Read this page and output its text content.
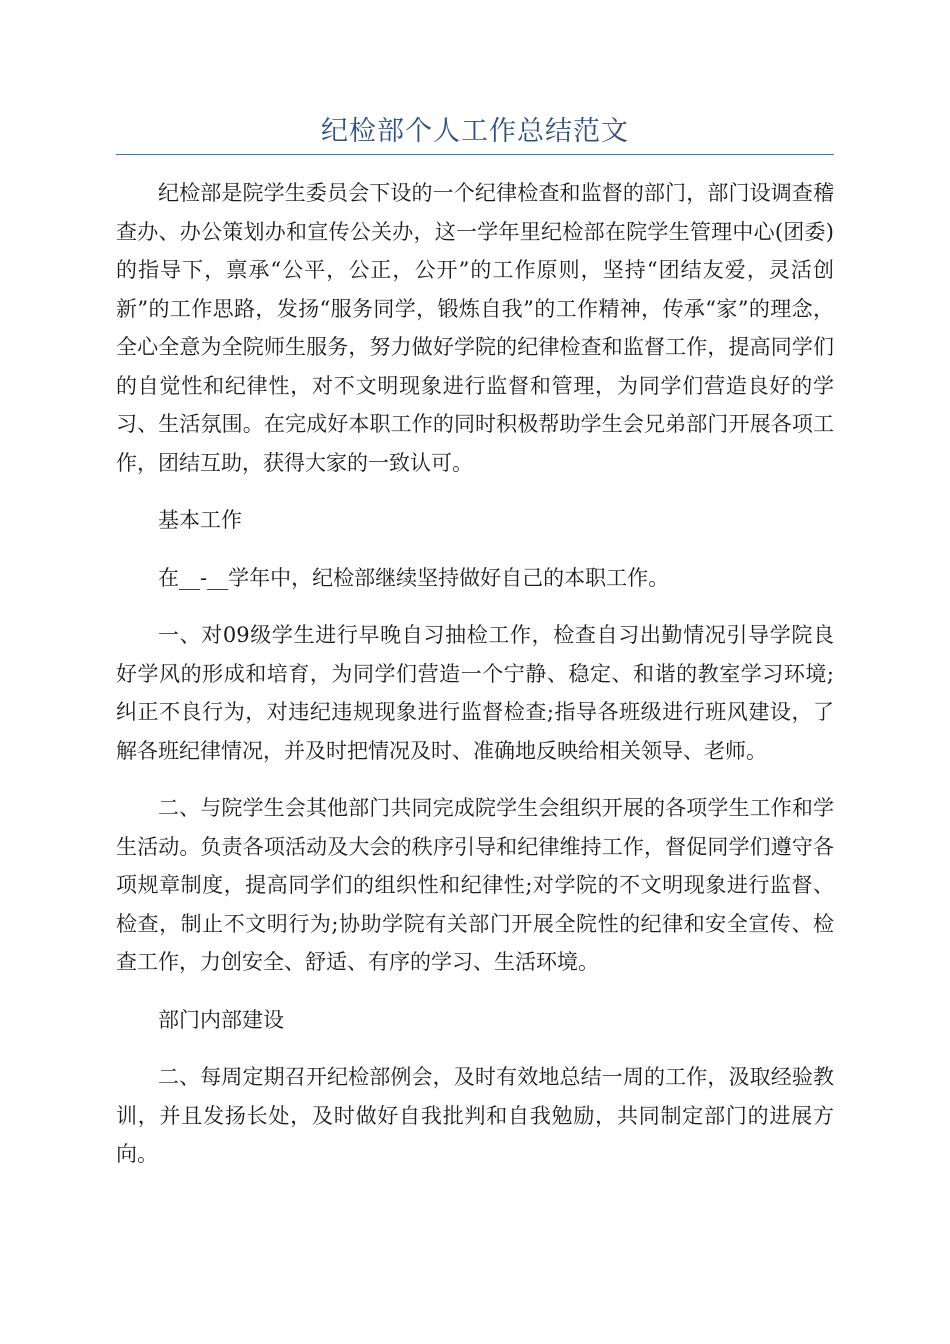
纪检部个人工作总结范文

纪检部是院学生委员会下设的一个纪律检查和监督的部门，部门设调查稽查办、办公策划办和宣传公关办，这一学年里纪检部在院学生管理中心(团委)的指导下，禀承“公平，公正，公开”的工作原则，坚持“团结友爱，灵活创新”的工作思路，发扬“服务同学，锻炼自我”的工作精神，传承“家”的理念，全心全意为全院师生服务，努力做好学院的纪律检查和监督工作，提高同学们的自觉性和纪律性，对不文明现象进行监督和管理，为同学们营造良好的学习、生活氛围。在完成好本职工作的同时积极帮助学生会兄弟部门开展各项工作，团结互助，获得大家的一致认可。

基本工作

在__-__学年中，纪检部继续坚持做好自己的本职工作。

一、对09级学生进行早晚自习抽检工作，检查自习出勤情况引导学院良好学风的形成和培育，为同学们营造一个宁静、稳定、和谐的教室学习环境;纠正不良行为，对违纪违规现象进行监督检查;指导各班级进行班风建设，了解各班纪律情况，并及时把情况及时、准确地反映给相关领导、老师。

二、与院学生会其他部门共同完成院学生会组织开展的各项学生工作和学生活动。负责各项活动及大会的秩序引导和纪律维持工作，督促同学们遵守各项规章制度，提高同学们的组织性和纪律性;对学院的不文明现象进行监督、检查，制止不文明行为;协助学院有关部门开展全院性的纪律和安全宣传、检查工作，力创安全、舒适、有序的学习、生活环境。

部门内部建设

二、每周定期召开纪检部例会，及时有效地总结一周的工作，汲取经验教训，并且发扬长处，及时做好自我批判和自我勉励，共同制定部门的进展方向。
